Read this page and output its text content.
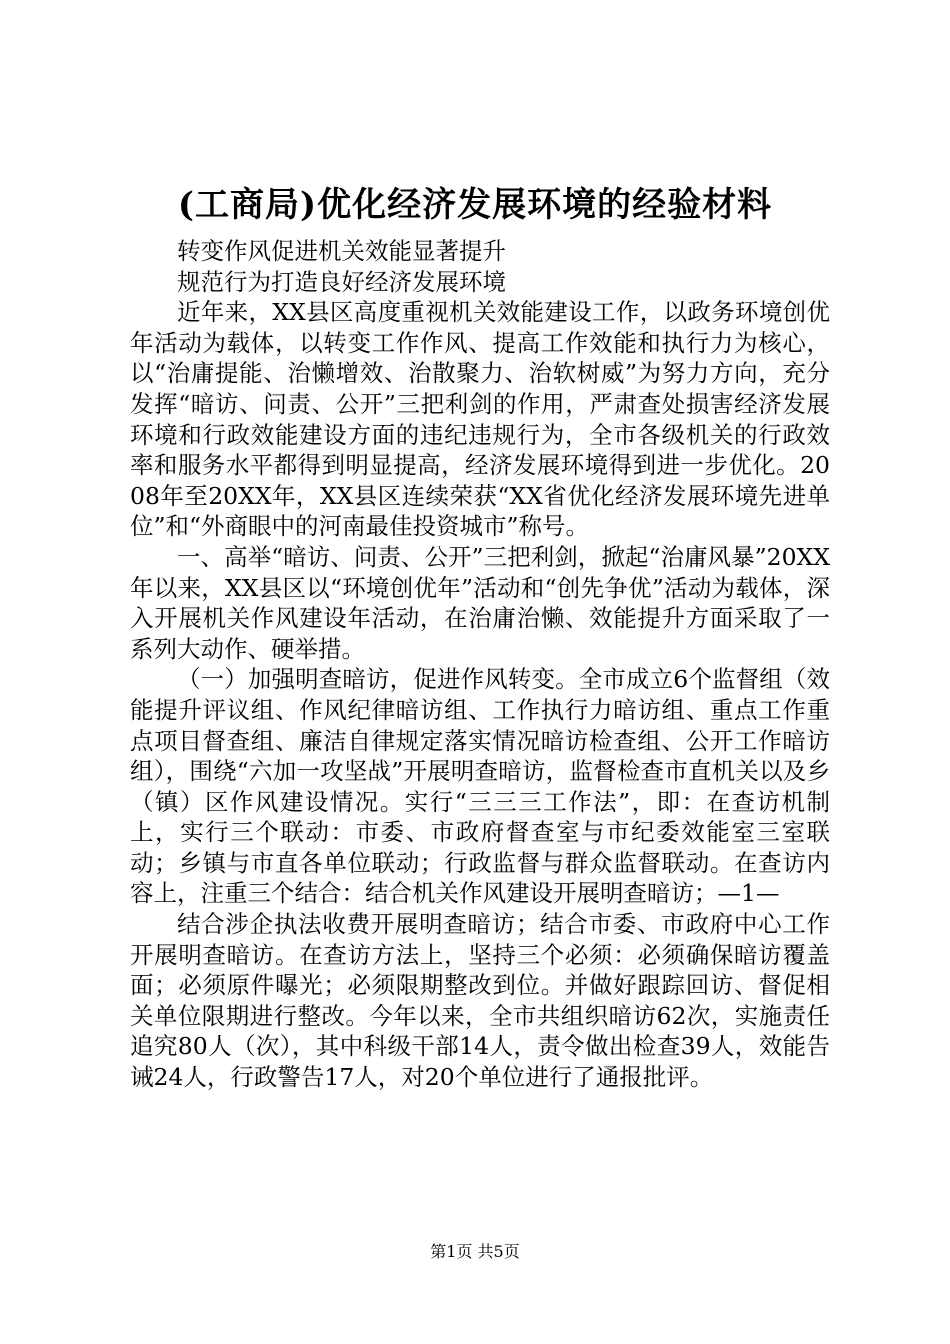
(工商局)优化经济发展环境的经验材料

转变作风促进机关效能显著提升

规范行为打造良好经济发展环境

近年来，XX县区高度重视机关效能建设工作，以政务环境创优年活动为载体，以转变工作作风、提高工作效能和执行力为核心，以“治庸提能、治懒增效、治散聚力、治软树威”为努力方向，充分发挥“暗访、问责、公开”三把利剑的作用，严肃查处损害经济发展环境和行政效能建设方面的违纪违规行为，全市各级机关的行政效率和服务水平都得到明显提高，经济发展环境得到进一步优化。2008年至20XX年，XX县区连续荣获“XX省优化经济发展环境先进单位”和“外商眼中的河南最佳投资城市”称号。

一、高举“暗访、问责、公开”三把利剑，掀起“治庸风暴”20XX年以来，XX县区以“环境创优年”活动和“创先争优”活动为载体，深入开展机关作风建设年活动，在治庸治懒、效能提升方面采取了一系列大动作、硬举措。

（一）加强明查暗访，促进作风转变。全市成立6个监督组（效能提升评议组、作风纪律暗访组、工作执行力暗访组、重点工作重点项目督查组、廉洁自律规定落实情况暗访检查组、公开工作暗访组），围绕“六加一攻坚战”开展明查暗访，监督检查市直机关以及乡（镇）区作风建设情况。实行“三三三工作法”，即：在查访机制上，实行三个联动：市委、市政府督查室与市纪委效能室三室联动；乡镇与市直各单位联动；行政监督与群众监督联动。在查访内容上，注重三个结合：结合机关作风建设开展明查暗访；—1—

结合涉企执法收费开展明查暗访；结合市委、市政府中心工作开展明查暗访。在查访方法上，坚持三个必须：必须确保暗访覆盖面；必须原件曝光；必须限期整改到位。并做好跟踪回访、督促相关单位限期进行整改。今年以来，全市共组织暗访62次，实施责任追究80人（次），其中科级干部14人，责令做出检查39人，效能告诫24人，行政警告17人，对20个单位进行了通报批评。

第1页 共5页
